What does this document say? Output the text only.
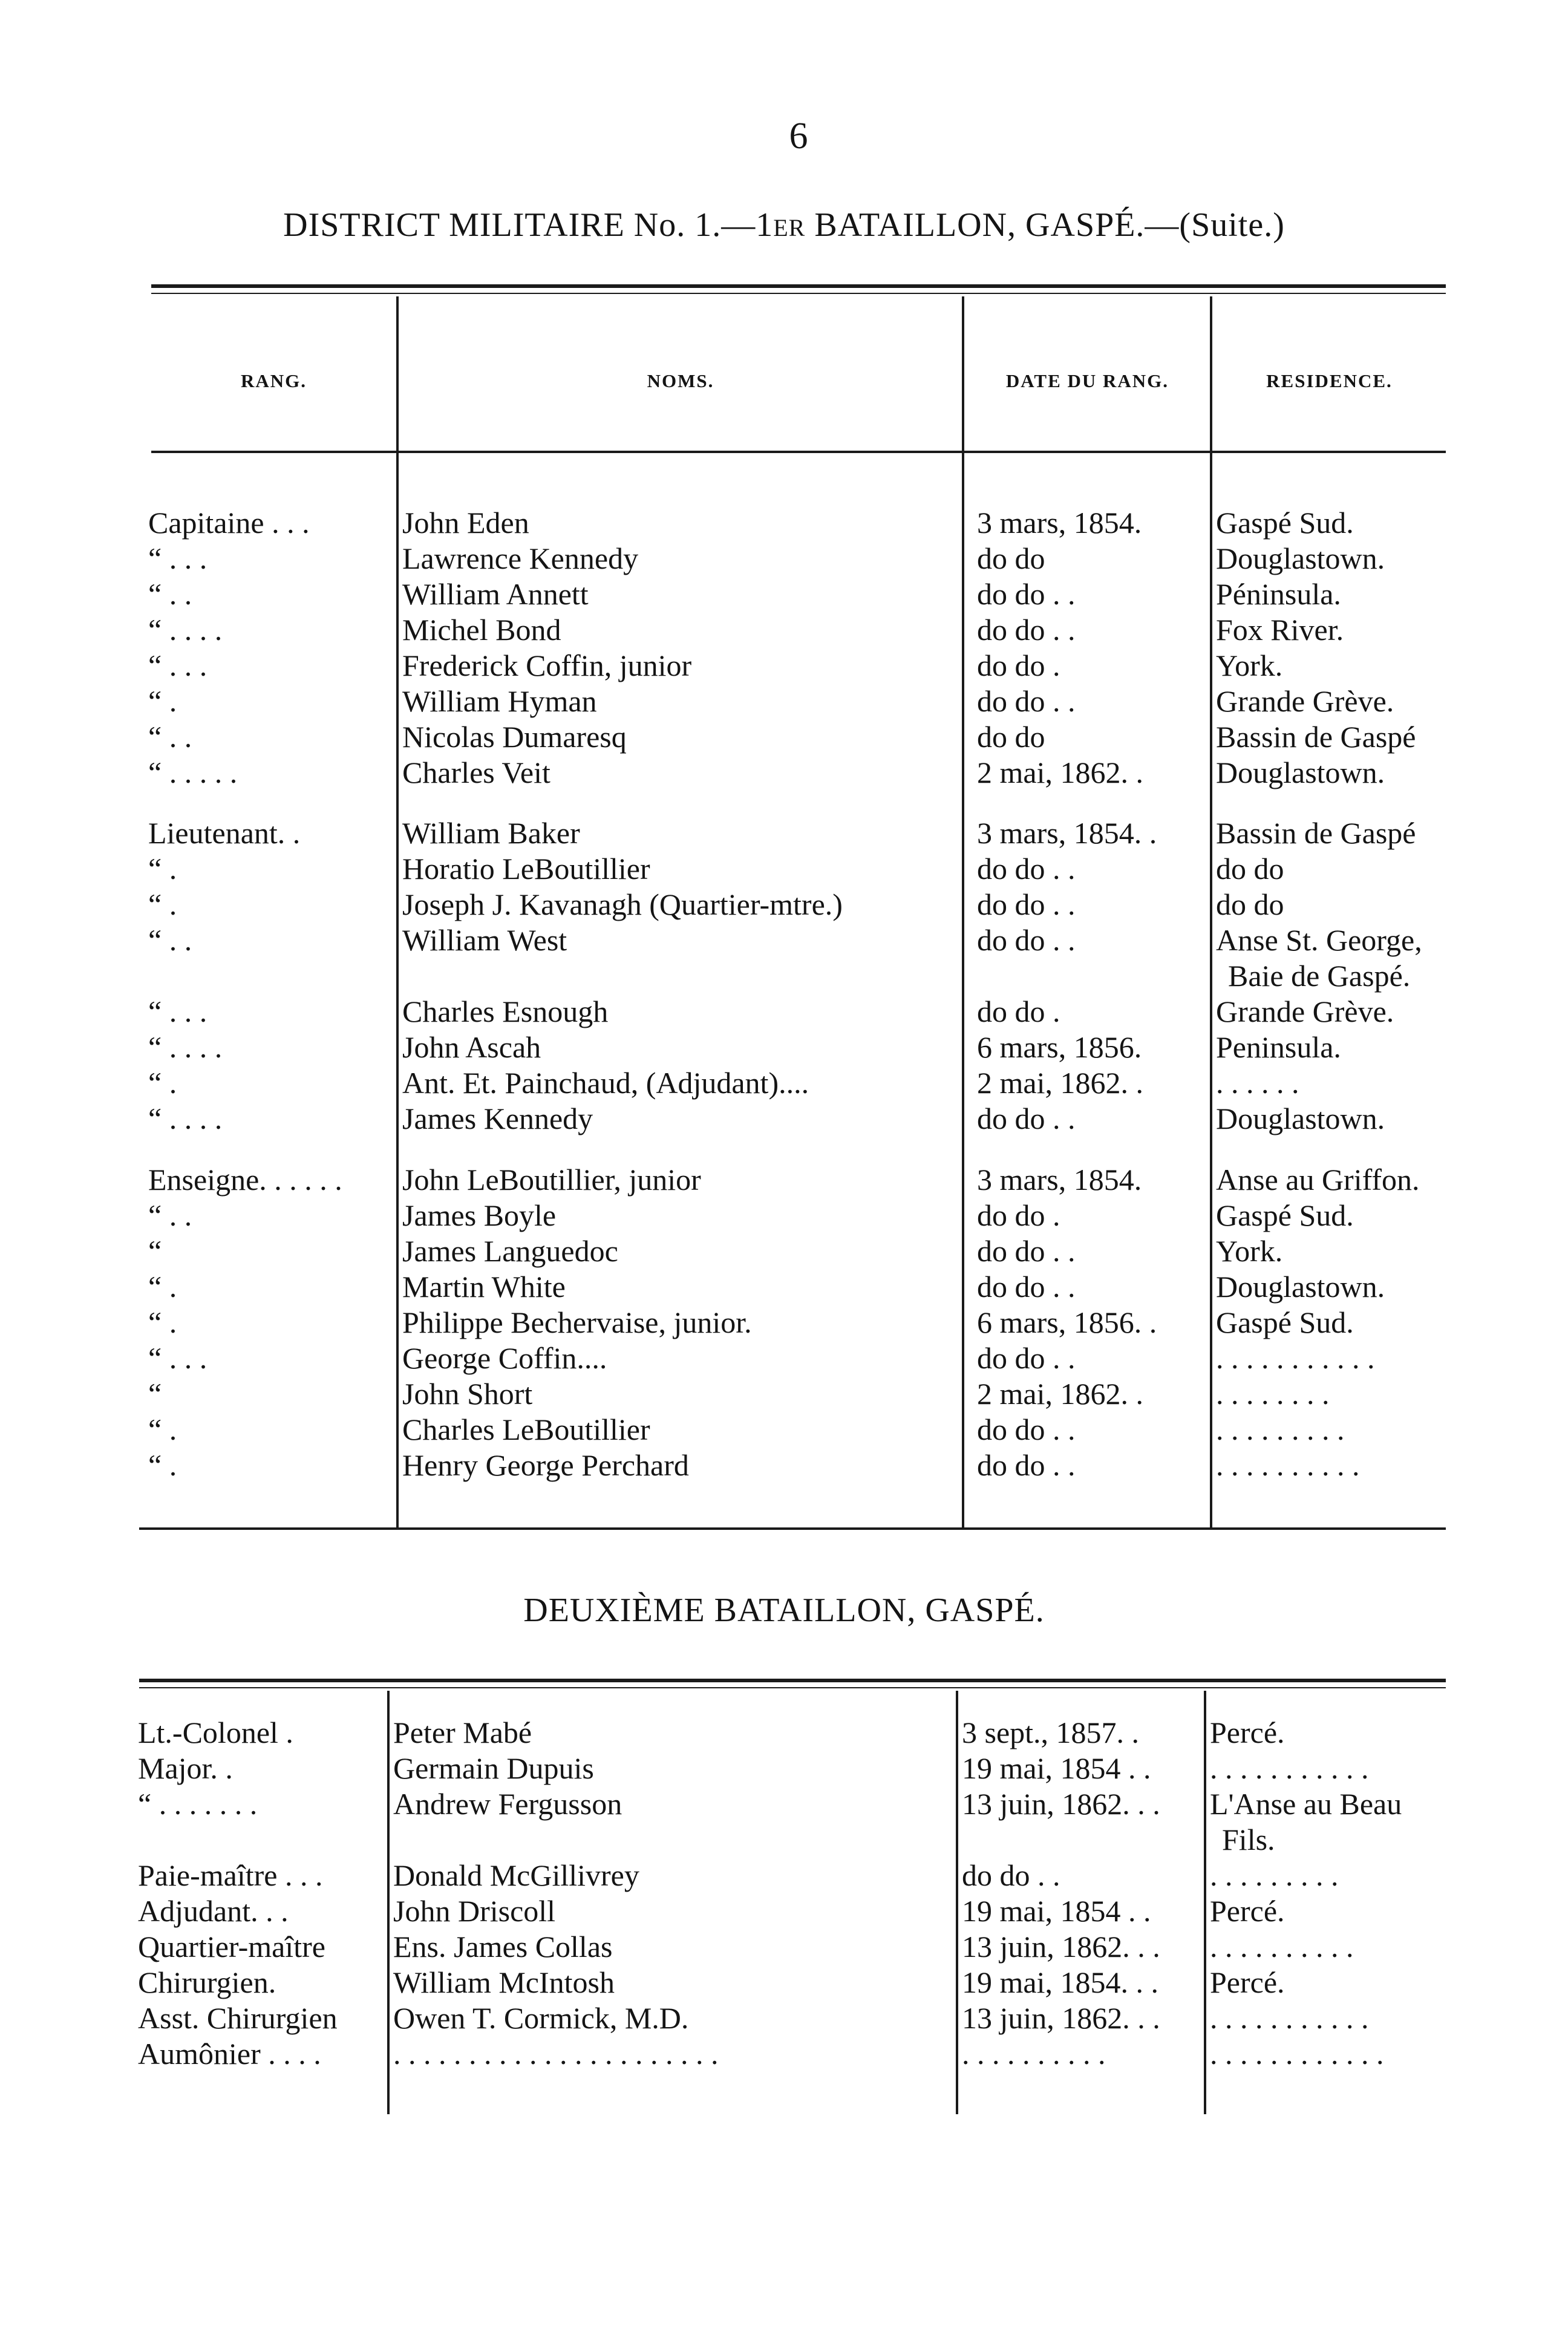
6
DISTRICT MILITAIRE No. 1.—1ER BATAILLON, GASPÉ.—(Suite.)
RANG.	NOMS.	DATE DU RANG.	RESIDENCE.
Capitaine . . .	John Eden	3 mars, 1854.	Gaspé Sud.
“ . . .	Lawrence Kennedy	do do	Douglastown.
“ . .	William Annett	do do . .	Péninsula.
“ . . . .	Michel Bond	do do . .	Fox River.
“ . . .	Frederick Coffin, junior	do do .	York.
“ .	William Hyman	do do . .	Grande Grève.
“ . .	Nicolas Dumaresq	do do	Bassin de Gaspé
“ . . . . .	Charles Veit	2 mai, 1862. .	Douglastown.
Lieutenant. .	William Baker	3 mars, 1854. .	Bassin de Gaspé
“ .	Horatio LeBoutillier	do do . .	do do
“ .	Joseph J. Kavanagh (Quartier-mtre.)	do do . .	do do
“ . .	William West	do do . .	Anse St. George,
Baie de Gaspé.
“ . . .	Charles Esnough	do do .	Grande Grève.
“ . . . .	John Ascah	6 mars, 1856.	Peninsula.
“ .	Ant. Et. Painchaud, (Adjudant)....	2 mai, 1862. .	. . . . . .
“ . . . .	James Kennedy	do do . .	Douglastown.
Enseigne. . . . . .	John LeBoutillier, junior	3 mars, 1854.	Anse au Griffon.
“ . .	James Boyle	do do .	Gaspé Sud.
“	James Languedoc	do do . .	York.
“ .	Martin White	do do . .	Douglastown.
“ .	Philippe Bechervaise, junior.	6 mars, 1856. .	Gaspé Sud.
“ . . .	George Coffin....	do do . .	. . . . . . . . . . .
“	John Short	2 mai, 1862. .	. . . . . . . .
“ .	Charles LeBoutillier	do do . .	. . . . . . . . .
“ .	Henry George Perchard	do do . .	. . . . . . . . . .
DEUXIÈME BATAILLON, GASPÉ.
Lt.-Colonel .	Peter Mabé	3 sept., 1857. .	Percé.
Major. .	Germain Dupuis	19 mai, 1854 . .	. . . . . . . . . . .
“ . . . . . . .	Andrew Fergusson	13 juin, 1862. . .	L'Anse au Beau
Fils.
Paie-maître . . .	Donald McGillivrey	do do . .	. . . . . . . . .
Adjudant. . .	John Driscoll	19 mai, 1854 . .	Percé.
Quartier-maître	Ens. James Collas	13 juin, 1862. . .	. . . . . . . . . .
Chirurgien.	William McIntosh	19 mai, 1854. . .	Percé.
Asst. Chirurgien	Owen T. Cormick, M.D.	13 juin, 1862. . .	. . . . . . . . . . .
Aumônier . . . .	. . . . . . . . . . . . . . . . . . . . . .	. . . . . . . . . .	. . . . . . . . . . . .
